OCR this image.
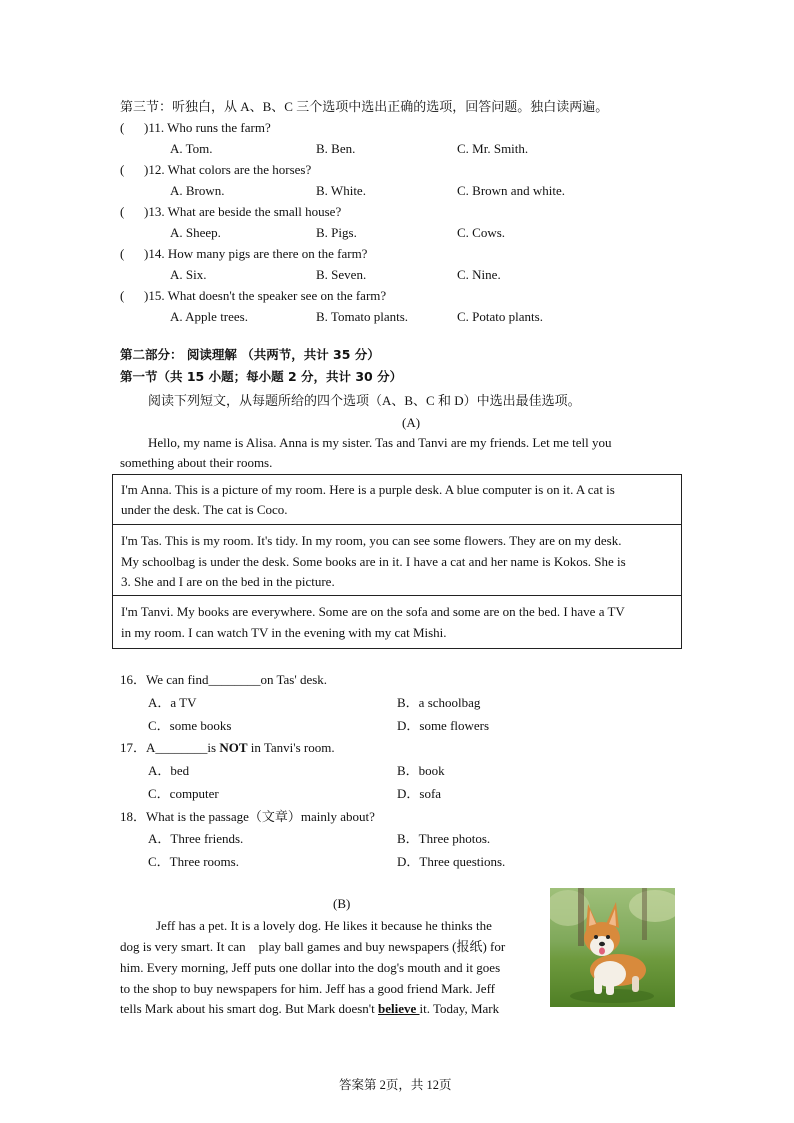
第三节：听独白，从 A、B、C 三个选项中选出正确的选项，回答问题。独白读两遍。
( )11. Who runs the farm?
A. Tom.	B. Ben.	C. Mr. Smith.
( )12. What colors are the horses?
A. Brown.	B. White.	C. Brown and white.
( )13. What are beside the small house?
A. Sheep.	B. Pigs.	C. Cows.
( )14. How many pigs are there on the farm?
A. Six.	B. Seven.	C. Nine.
( )15. What doesn't the speaker see on the farm?
A. Apple trees.	B. Tomato plants.	C. Potato plants.
第二部分： 阅读理解 （共两节，共计 35 分）
第一节（共 15 小题；每小题 2 分，共计 30 分）
阅读下列短文，从每题所给的四个选项（A、B、C 和 D）中选出最佳选项。
(A)
Hello, my name is Alisa. Anna is my sister. Tas and Tanvi are my friends. Let me tell you
something about their rooms.
I'm Anna. This is a picture of my room. Here is a purple desk. A blue computer is on it. A cat is
under the desk. The cat is Coco.
I'm Tas. This is my room. It's tidy. In my room, you can see some flowers. They are on my desk.
My schoolbag is under the desk. Some books are in it. I have a cat and her name is Kokos. She is
3. She and I are on the bed in the picture.
I'm Tanvi. My books are everywhere. Some are on the sofa and some are on the bed. I have a TV
in my room. I can watch TV in the evening with my cat Mishi.
16．We can find________on Tas' desk.
A．a TV	B．a schoolbag
C．some books	D．some flowers
17．A________is NOT in Tanvi's room.
A．bed	B．book
C．computer	D．sofa
18．What is the passage（文章）mainly about?
A．Three friends.	B．Three photos.
C．Three rooms.	D．Three questions.
(B)
Jeff has a pet. It is a lovely dog. He likes it because he thinks the
dog is very smart. It can    play ball games and buy newspapers (报纸) for
him. Every morning, Jeff puts one dollar into the dog's mouth and it goes
to the shop to buy newspapers for him. Jeff has a good friend Mark. Jeff
tells Mark about his smart dog. But Mark doesn't believe it. Today, Mark
答案第 2页，共 12页
